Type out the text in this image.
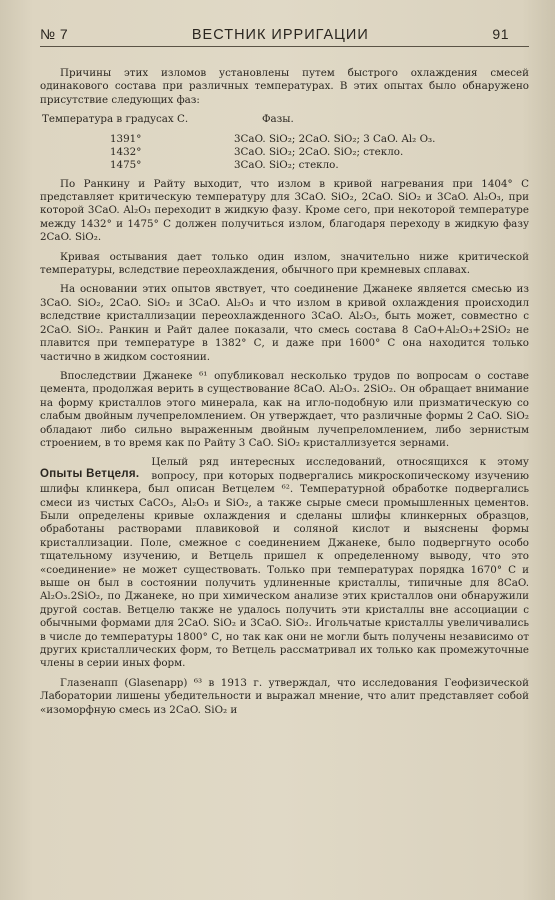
№ 7	ВЕСТНИК ИРРИГАЦИИ	91

Причины этих изломов установлены путем быстрого охлаждения смесей одинакового состава при различных температурах. В этих опытах было обнаружено присутствие следующих фаз:

Температура в градусах С.	Фазы.
1391°	3CaO. SiO₂; 2CaO. SiO₂; 3 CaO. Al₂ O₃.
1432°	3CaO. SiO₂; 2CaO. SiO₂; стекло.
1475°	3CaO. SiO₂; стекло.

По Ранкину и Райту выходит, что излом в кривой нагревания при 1404° С представляет критическую температуру для 3CaO. SiO₂, 2CaO. SiO₂ и 3CaO. Al₂O₃, при которой 3CaO. Al₂O₃ переходит в жидкую фазу. Кроме сего, при некоторой температуре между 1432° и 1475° С должен получиться излом, благодаря переходу в жидкую фазу 2CaO. SiO₂.

Кривая остывания дает только один излом, значительно ниже критической температуры, вследствие переохлаждения, обычного при кремневых сплавах.

На основании этих опытов явствует, что соединение Джанеке является смесью из 3CaO. SiO₂, 2CaO. SiO₂ и 3CaO. Al₂O₃ и что излом в кривой охлаждения происходил вследствие кристаллизации переохлажденного 3CaO. Al₂O₃, быть может, совместно с 2CaO. SiO₂. Ранкин и Райт далее показали, что смесь состава 8 CaO+Al₂O₃+2SiO₂ не плавится при температуре в 1382° С, и даже при 1600° С она находится только частично в жидком состоянии.

Впоследствии Джанеке ⁶¹ опубликовал несколько трудов по вопросам о составе цемента, продолжая верить в существование 8CaO. Al₂O₃. 2SiO₂. Он обращает внимание на форму кристаллов этого минерала, как на игло-подобную или призматическую со слабым двойным лучепреломлением. Он утверждает, что различные формы 2 CaO. SiO₂ обладают либо сильно выраженным двойным лучепреломлением, либо зернистым строением, в то время как по Райту 3 CaO. SiO₂ кристаллизуется зернами.

Опыты Ветцеля.
Целый ряд интересных исследований, относящихся к этому вопросу, при которых подвергались микроскопическому изучению шлифы клинкера, был описан Ветцелем ⁶². Температурной обработке подвергались смеси из чистых CaCO₃, Al₂O₃ и SiO₂, а также сырые смеси промышленных цементов. Были определены кривые охлаждения и сделаны шлифы клинкерных образцов, обработаны растворами плавиковой и соляной кислот и выяснены формы кристаллизации. Поле, смежное с соединением Джанеке, было подвергнуто особо тщательному изучению, и Ветцель пришел к определенному выводу, что это «соединение» не может существовать. Только при температурах порядка 1670° С и выше он был в состоянии получить удлиненные кристаллы, типичные для 8CaO. Al₂O₃.2SiO₂, по Джанеке, но при химическом анализе этих кристаллов они обнаружили другой состав. Ветцелю также не удалось получить эти кристаллы вне ассоциации с обычными формами для 2CaO. SiO₂ и 3CaO. SiO₂. Игольчатые кристаллы увеличивались в числе до температуры 1800° С, но так как они не могли быть получены независимо от других кристаллических форм, то Ветцель рассматривал их только как промежуточные члены в серии иных форм.

Глазенапп (Glasenapp) ⁶³ в 1913 г. утверждал, что исследования Геофизической Лаборатории лишены убедительности и выражал мнение, что алит представляет собой «изоморфную смесь из 2CaO. SiO₂ и
